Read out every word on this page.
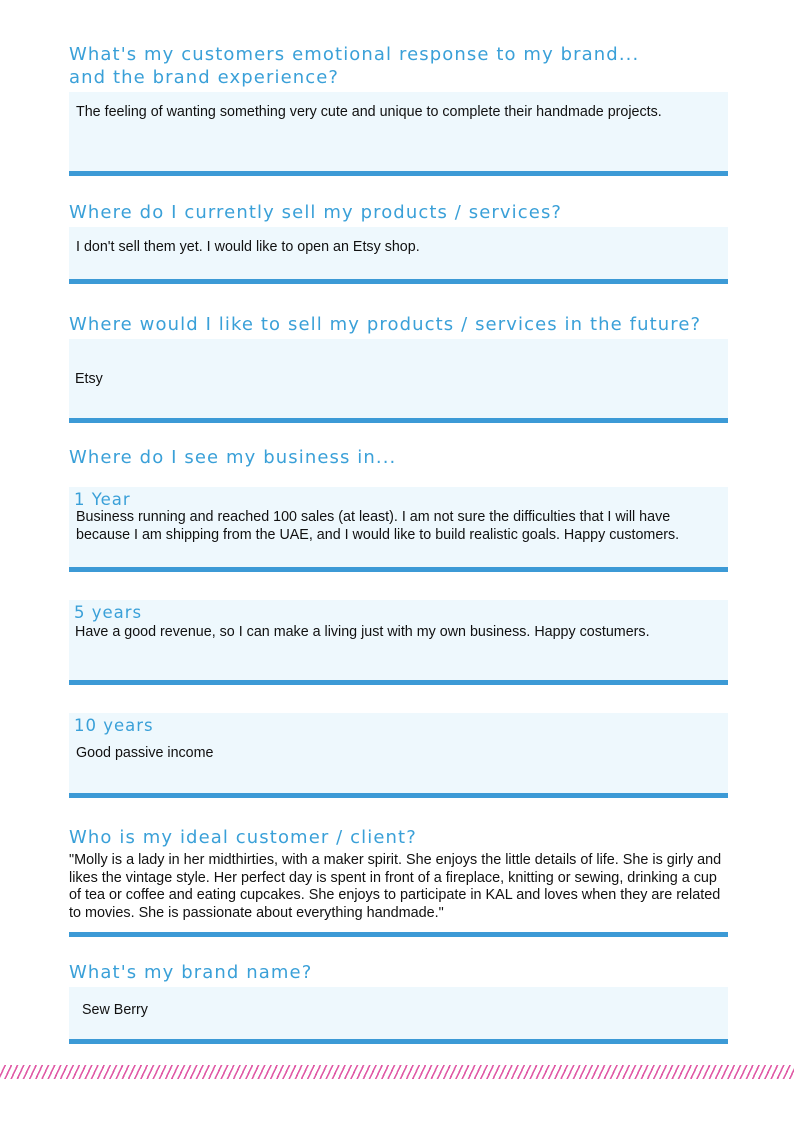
What's my customers emotional response to my brand...
and the brand experience?
The feeling of wanting something very cute and unique to complete their handmade projects.
Where do I currently sell my products / services?
I don't sell them yet. I would like to open an Etsy shop.
Where would I like to sell my products / services in the future?
Etsy
Where do I see my business in...
1 Year
Business running and reached 100 sales (at least). I am not sure the difficulties that I will have because I am shipping from the UAE, and I would like to build realistic goals. Happy customers.
5 years
Have a good revenue, so I can make a living just with my own business. Happy costumers.
10 years
Good passive income
Who is my ideal customer / client?
"Molly is a lady in her midthirties, with a maker spirit. She enjoys the little details of life. She is girly and likes the vintage style. Her perfect day is spent in front of a fireplace, knitting or sewing, drinking a cup of tea or coffee and eating cupcakes. She enjoys to participate in KAL and loves when they are related to movies. She is passionate about everything handmade."
What's my brand name?
Sew Berry
